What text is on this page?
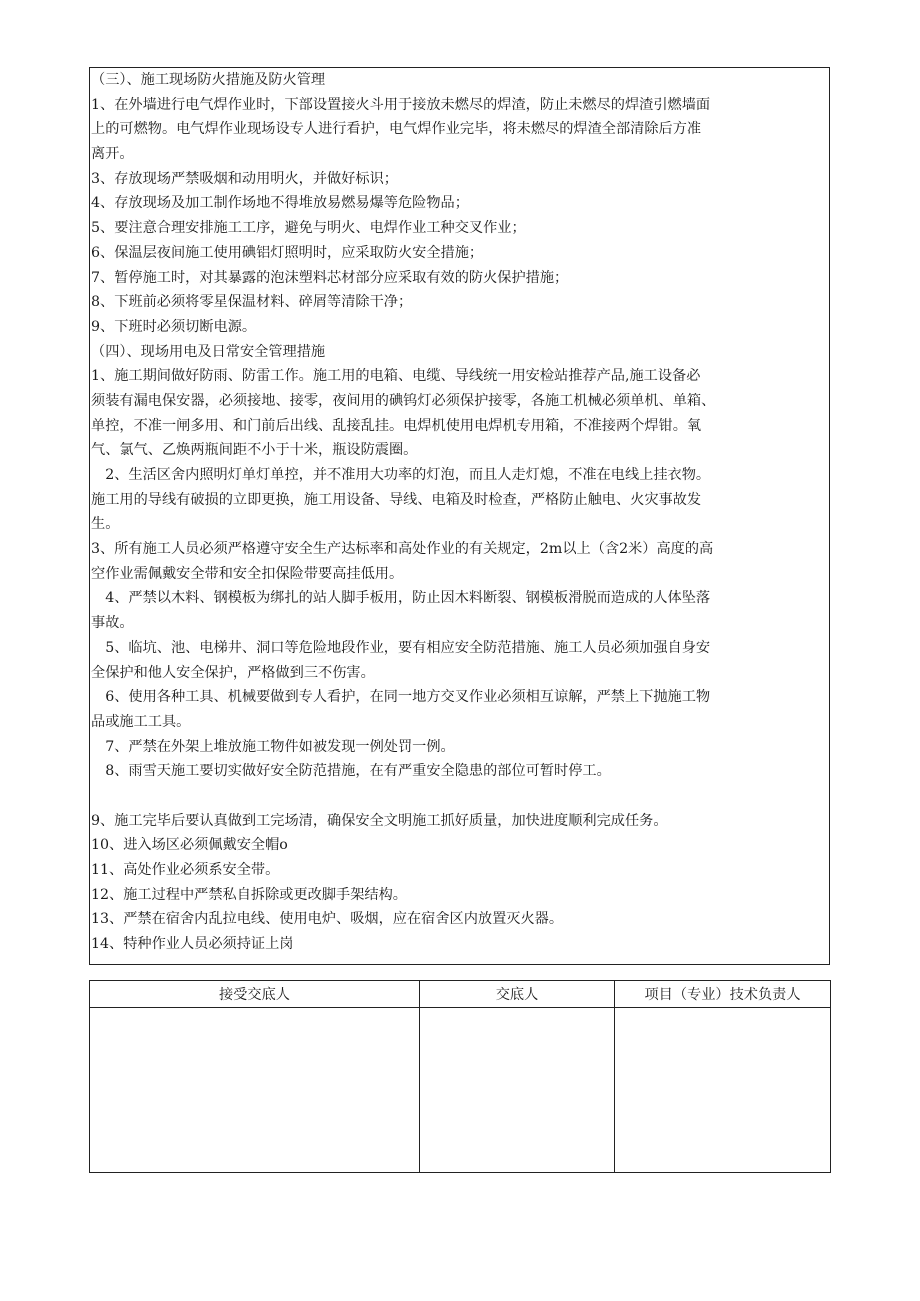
（三）、施工现场防火措施及防火管理
1、在外墙进行电气焊作业时，下部设置接火斗用于接放未燃尽的焊渣，防止未燃尽的焊渣引燃墙面
上的可燃物。电气焊作业现场设专人进行看护，电气焊作业完毕，将未燃尽的焊渣全部清除后方准
离开。
3、存放现场严禁吸烟和动用明火，并做好标识；
4、存放现场及加工制作场地不得堆放易燃易爆等危险物品；
5、要注意合理安排施工工序，避免与明火、电焊作业工种交叉作业；
6、保温层夜间施工使用碘铝灯照明时，应采取防火安全措施；
7、暂停施工时，对其暴露的泡沫塑料芯材部分应采取有效的防火保护措施；
8、下班前必须将零星保温材料、碎屑等清除干净；
9、下班时必须切断电源。
（四）、现场用电及日常安全管理措施
1、施工期间做好防雨、防雷工作。施工用的电箱、电缆、导线统一用安检站推荐产品,施工设备必
须装有漏电保安器，必须接地、接零，夜间用的碘钨灯必须保护接零，各施工机械必须单机、单箱、
单控，不准一闸多用、和门前后出线、乱接乱挂。电焊机使用电焊机专用箱，不准接两个焊钳。氧
气、氯气、乙焕两瓶间距不小于十米，瓶设防震圈。
　2、生活区舍内照明灯单灯单控，并不准用大功率的灯泡，而且人走灯熄，不准在电线上挂衣物。
施工用的导线有破损的立即更换，施工用设备、导线、电箱及时检查，严格防止触电、火灾事故发
生。
3、所有施工人员必须严格遵守安全生产达标率和高处作业的有关规定，2m以上（含2米）高度的高
空作业需佩戴安全带和安全扣保险带要高挂低用。
　4、严禁以木料、钢模板为绑扎的站人脚手板用，防止因木料断裂、钢模板滑脱而造成的人体坠落
事故。
　5、临坑、池、电梯井、洞口等危险地段作业，要有相应安全防范措施、施工人员必须加强自身安
全保护和他人安全保护，严格做到三不伤害。
　6、使用各种工具、机械要做到专人看护，在同一地方交叉作业必须相互谅解，严禁上下抛施工物
品或施工工具。
　7、严禁在外架上堆放施工物件如被发现一例处罚一例。
　8、雨雪天施工要切实做好安全防范措施，在有严重安全隐患的部位可暂时停工。
9、施工完毕后要认真做到工完场清，确保安全文明施工抓好质量，加快进度顺利完成任务。
10、进入场区必须佩戴安全帽o
11、高处作业必须系安全带。
12、施工过程中严禁私自拆除或更改脚手架结构。
13、严禁在宿舍内乱拉电线、使用电炉、吸烟，应在宿舍区内放置灭火器。
14、特种作业人员必须持证上岗
接受交底人	交底人	项目（专业）技术负责人
